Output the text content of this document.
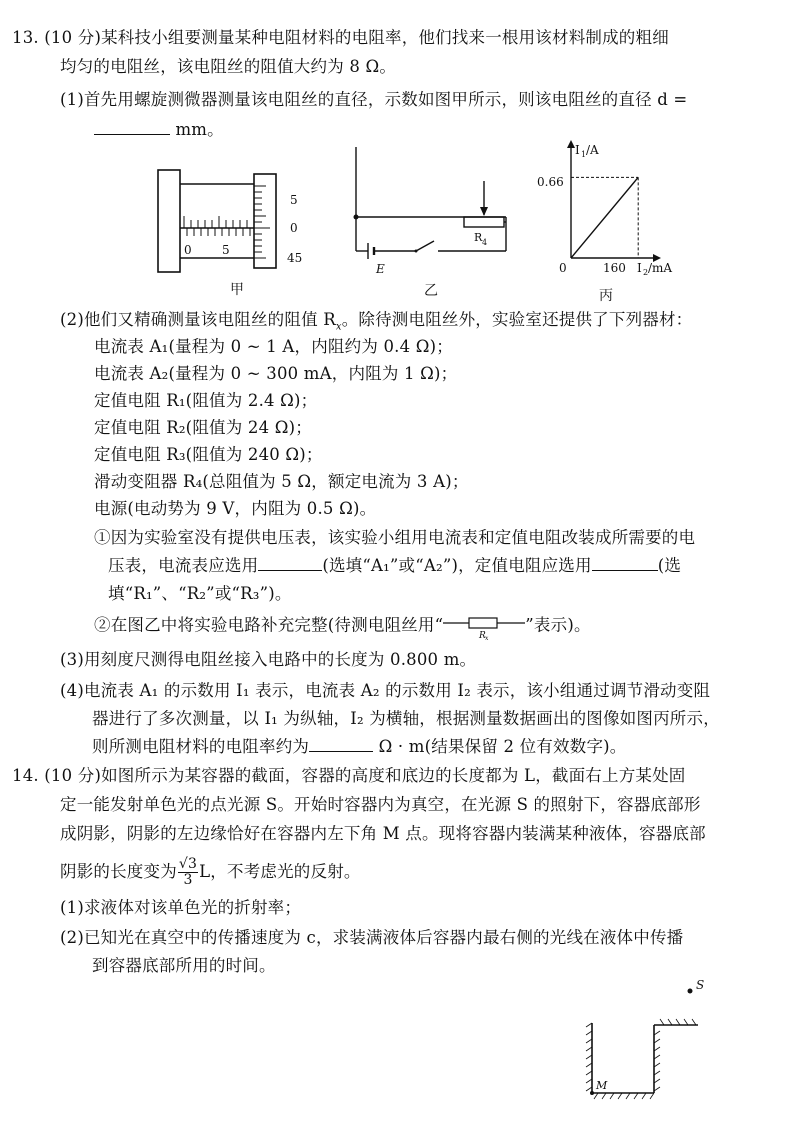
13. (10 分)某科技小组要测量某种电阻材料的电阻率，他们找来一根用该材料制成的粗细
均匀的电阻丝，该电阻丝的阻值大约为 8 Ω。
(1)首先用螺旋测微器测量该电阻丝的直径，示数如图甲所示，则该电阻丝的直径 d =
mm。
0	5
5
0
45
甲
R 4
E
乙
I 1 /A
0.66
0	160 I 2 /mA
丙
(2)他们又精确测量该电阻丝的阻值 $R_x$。除待测电阻丝外，实验室还提供了下列器材：
电流表 A₁(量程为 0 ~ 1 A，内阻约为 0.4 Ω)；
电流表 A₂(量程为 0 ~ 300 mA，内阻为 1 Ω)；
定值电阻 R₁(阻值为 2.4 Ω)；
定值电阻 R₂(阻值为 24 Ω)；
定值电阻 R₃(阻值为 240 Ω)；
滑动变阻器 R₄(总阻值为 5 Ω，额定电流为 3 A)；
电源(电动势为 9 V，内阻为 0.5 Ω)。
①因为实验室没有提供电压表，该实验小组用电流表和定值电阻改装成所需要的电
压表，电流表应选用	(选填“A₁”或“A₂”)，定值电阻应选用	(选
填“R₁”、“R₂”或“R₃”)。
②在图乙中将实验电路补充完整(待测电阻丝用“
R x
”表示)。
(3)用刻度尺测得电阻丝接入电路中的长度为 0.800 m。
(4)电流表 A₁ 的示数用 I₁ 表示，电流表 A₂ 的示数用 I₂ 表示，该小组通过调节滑动变阻
器进行了多次测量，以 I₁ 为纵轴，I₂ 为横轴，根据测量数据画出的图像如图丙所示，
则所测电阻材料的电阻率约为	Ω · m(结果保留 2 位有效数字)。
14. (10 分)如图所示为某容器的截面，容器的高度和底边的长度都为 L，截面右上方某处固
定一能发射单色光的点光源 S。开始时容器内为真空，在光源 S 的照射下，容器底部形
成阴影，阴影的左边缘恰好在容器内左下角 M 点。现将容器内装满某种液体，容器底部
阴影的长度变为 $\frac{√3}{3}$ L，不考虑光的反射。
(1)求液体对该单色光的折射率；
(2)已知光在真空中的传播速度为 c，求装满液体后容器内最右侧的光线在液体中传播
到容器底部所用的时间。
S
M
